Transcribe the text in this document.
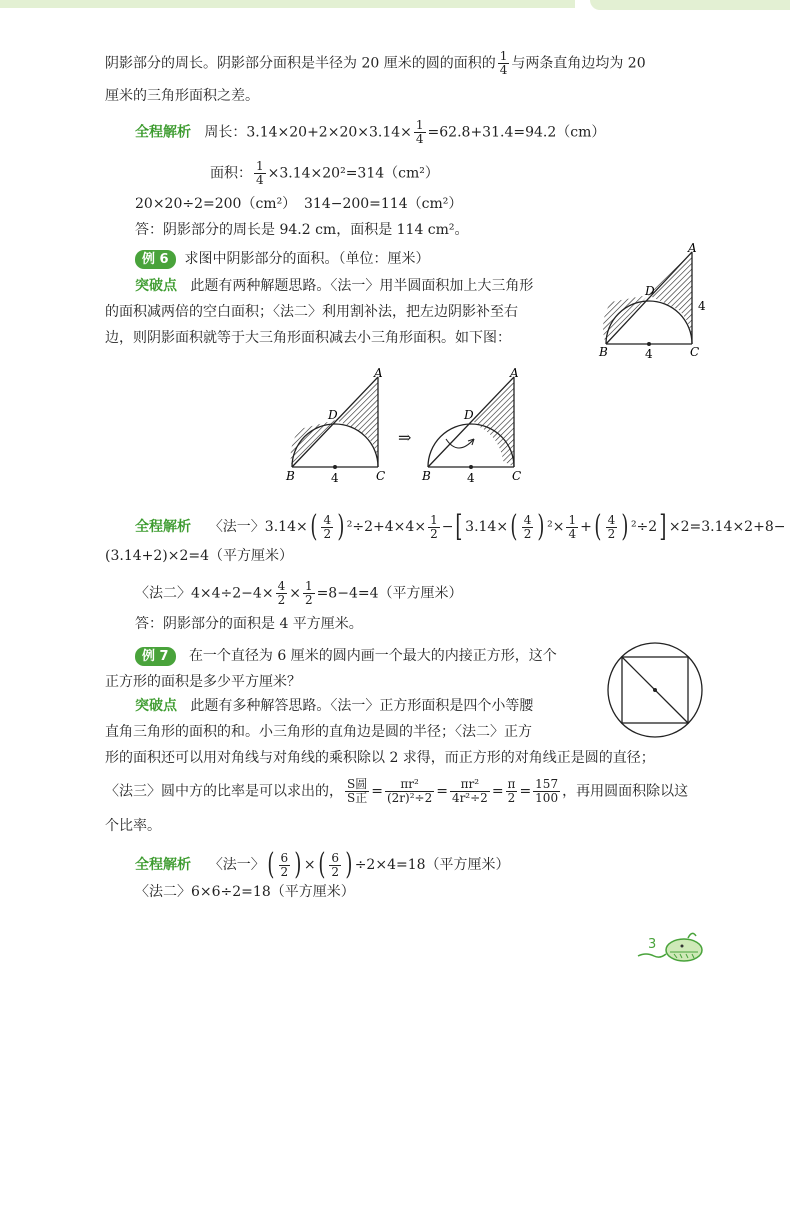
阴影部分的周长。阴影部分面积是半径为 20 厘米的圆的面积的 $\frac{1}{4}$ 与两条直角边均为 20
厘米的三角形面积之差。
全程解析 周长：$3.14\times 20+2\times 20\times 3.14\times \frac{1}{4} =62.8+31.4=94.2(cm)$
面积： $\frac{1}{4} \times 3.14\times 20^2=314(cm^2)$
20×20÷2=200（cm²） 314−200=114（cm²）
答：阴影部分的周长是 94.2 cm，面积是 114 cm²。
例 6 求图中阴影部分的面积。（单位：厘米）
突破点 此题有两种解题思路。〈法一〉用半圆面积加上大三角形
的面积减两倍的空白面积；〈法二〉利用割补法，把左边阴影补至右
边，则阴影面积就等于大三角形面积减去小三角形面积。如下图：
A
D
4
B	4	C
A
D
B	4	C
⇒
A
D
B	4	C
全程解析 〈法一〉$3.14\times( \frac{4}{2}$ ) $^2\div 2+4\times 4\times \frac{1}{2}$ −[ $3.14\times( \frac{4}{2}$ ) $^2\times \frac{1}{4}$ +( $\frac{4}{2}$ ) ²÷2] ×2=3.14×2+8−
(3.14+2)×2=4（平方厘米）
〈法二〉$4\times 4\div 2-4\times \frac{4}{2} \times \frac{1}{2} =8-4=4$（平方厘米）
答：阴影部分的面积是 4 平方厘米。
例 7 在一个直径为 6 厘米的圆内画一个最大的内接正方形，这个
正方形的面积是多少平方厘米？
突破点 此题有多种解答思路。〈法一〉正方形面积是四个小等腰
直角三角形的面积的和。小三角形的直角边是圆的半径；〈法二〉正方
形的面积还可以用对角线与对角线的乘积除以 2 求得，而正方形的对角线正是圆的直径；
〈法三〉圆中方的比率是可以求出的， $\frac{\text{S圆}}{\text{S正}} = \frac{\text{πr²}}{\text{(2r)²÷2}} = \frac{\text{πr²}}{\text{4r²÷2}} = \frac{\pi}{2} = \frac{157}{100}$ ，再用圆面积除以这
个比率。
全程解析 〈法一〉( $\frac{6}{2}$ ) ×( $\frac{6}{2}$ ) ÷2×4=18（平方厘米）
〈法二〉6×6÷2=18（平方厘米）
3
